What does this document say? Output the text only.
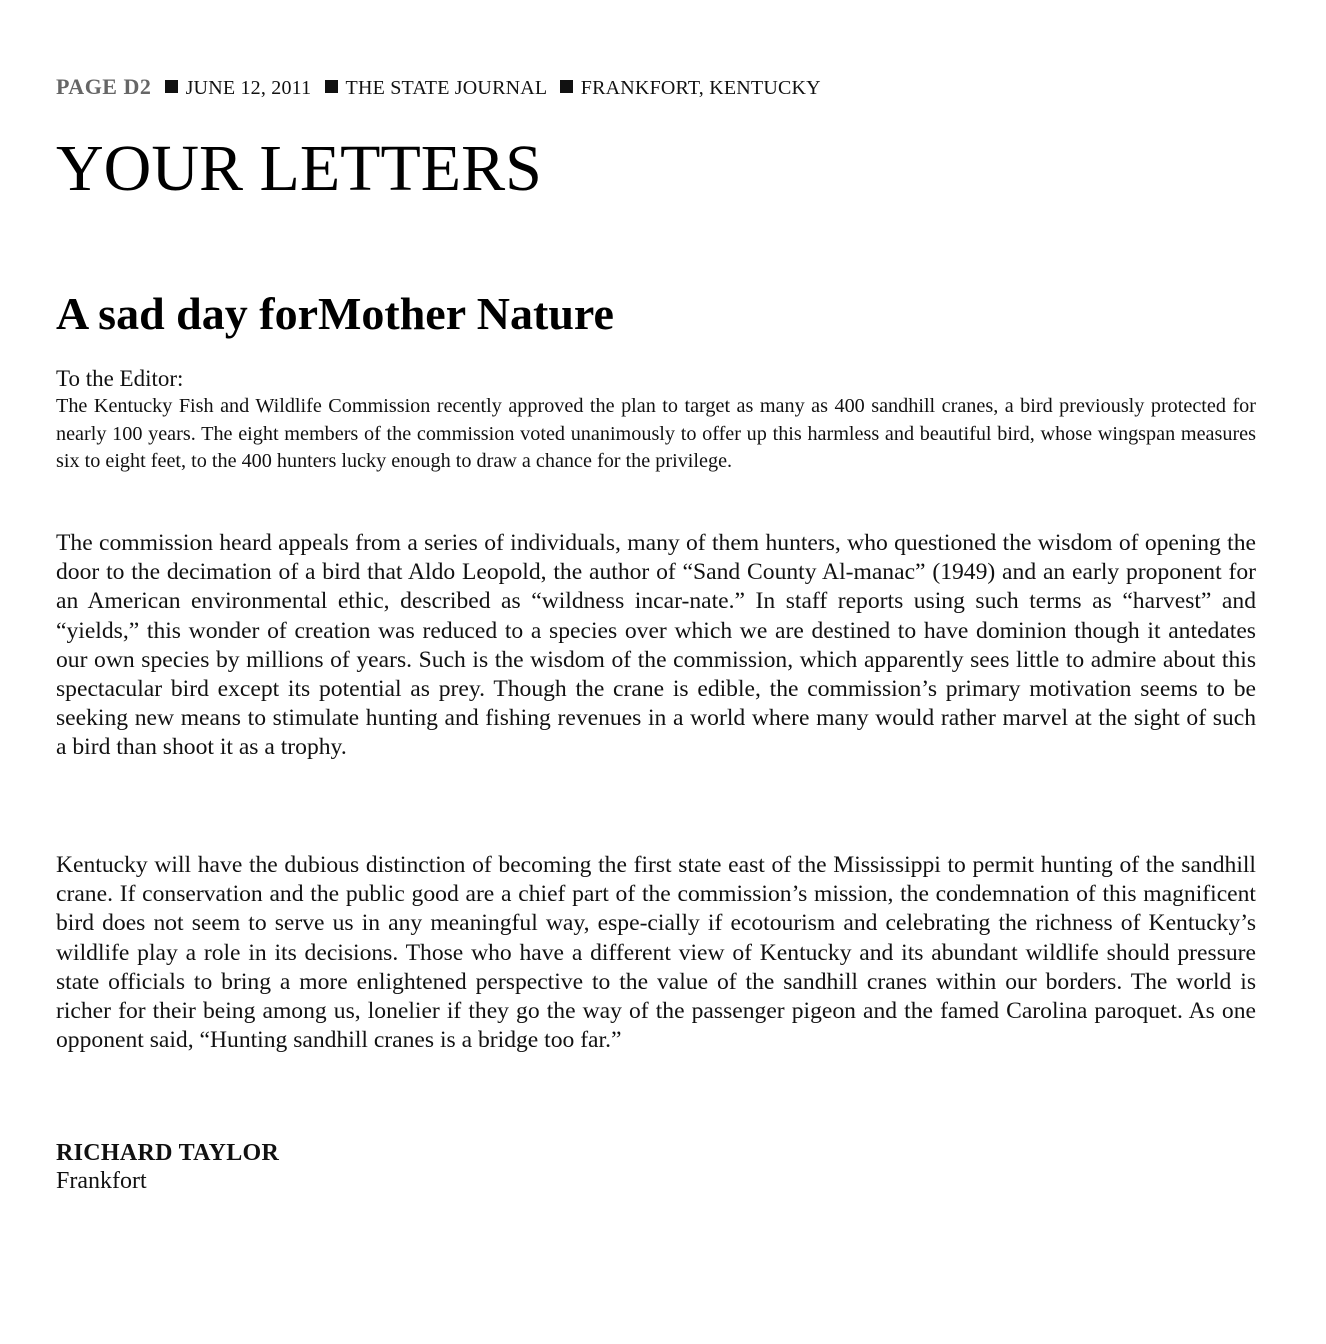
PAGE D2 JUNE 12, 2011 THE STATE JOURNAL FRANKFORT, KENTUCKY
YOUR LETTERS
A sad day forMother Nature
To the Editor:

The Kentucky Fish and Wildlife Commission recently approved the plan to target as many as 400 sandhill cranes, a bird previously protected for nearly 100 years. The eight members of the commission voted unanimously to offer up this harmless and beautiful bird, whose wingspan measures six to eight feet, to the 400 hunters lucky enough to draw a chance for the privilege.

The commission heard appeals from a series of individuals, many of them hunters, who questioned the wisdom of opening the door to the decimation of a bird that Aldo Leopold, the author of “Sand County Al-manac” (1949) and an early proponent for an American environmental ethic, described as “wildness incar-nate.” In staff reports using such terms as “harvest” and “yields,” this wonder of creation was reduced to a species over which we are destined to have dominion though it antedates our own species by millions of years. Such is the wisdom of the commission, which apparently sees little to admire about this spectacular bird except its potential as prey. Though the crane is edible, the commission’s primary motivation seems to be seeking new means to stimulate hunting and fishing revenues in a world where many would rather marvel at the sight of such a bird than shoot it as a trophy.

Kentucky will have the dubious distinction of becoming the first state east of the Mississippi to permit hunting of the sandhill crane. If conservation and the public good are a chief part of the commission’s mission, the condemnation of this magnificent bird does not seem to serve us in any meaningful way, espe-cially if ecotourism and celebrating the richness of Kentucky’s wildlife play a role in its decisions. Those who have a different view of Kentucky and its abundant wildlife should pressure state officials to bring a more enlightened perspective to the value of the sandhill cranes within our borders. The world is richer for their being among us, lonelier if they go the way of the passenger pigeon and the famed Carolina paroquet. As one opponent said, “Hunting sandhill cranes is a bridge too far.”

RICHARD TAYLOR
Frankfort
